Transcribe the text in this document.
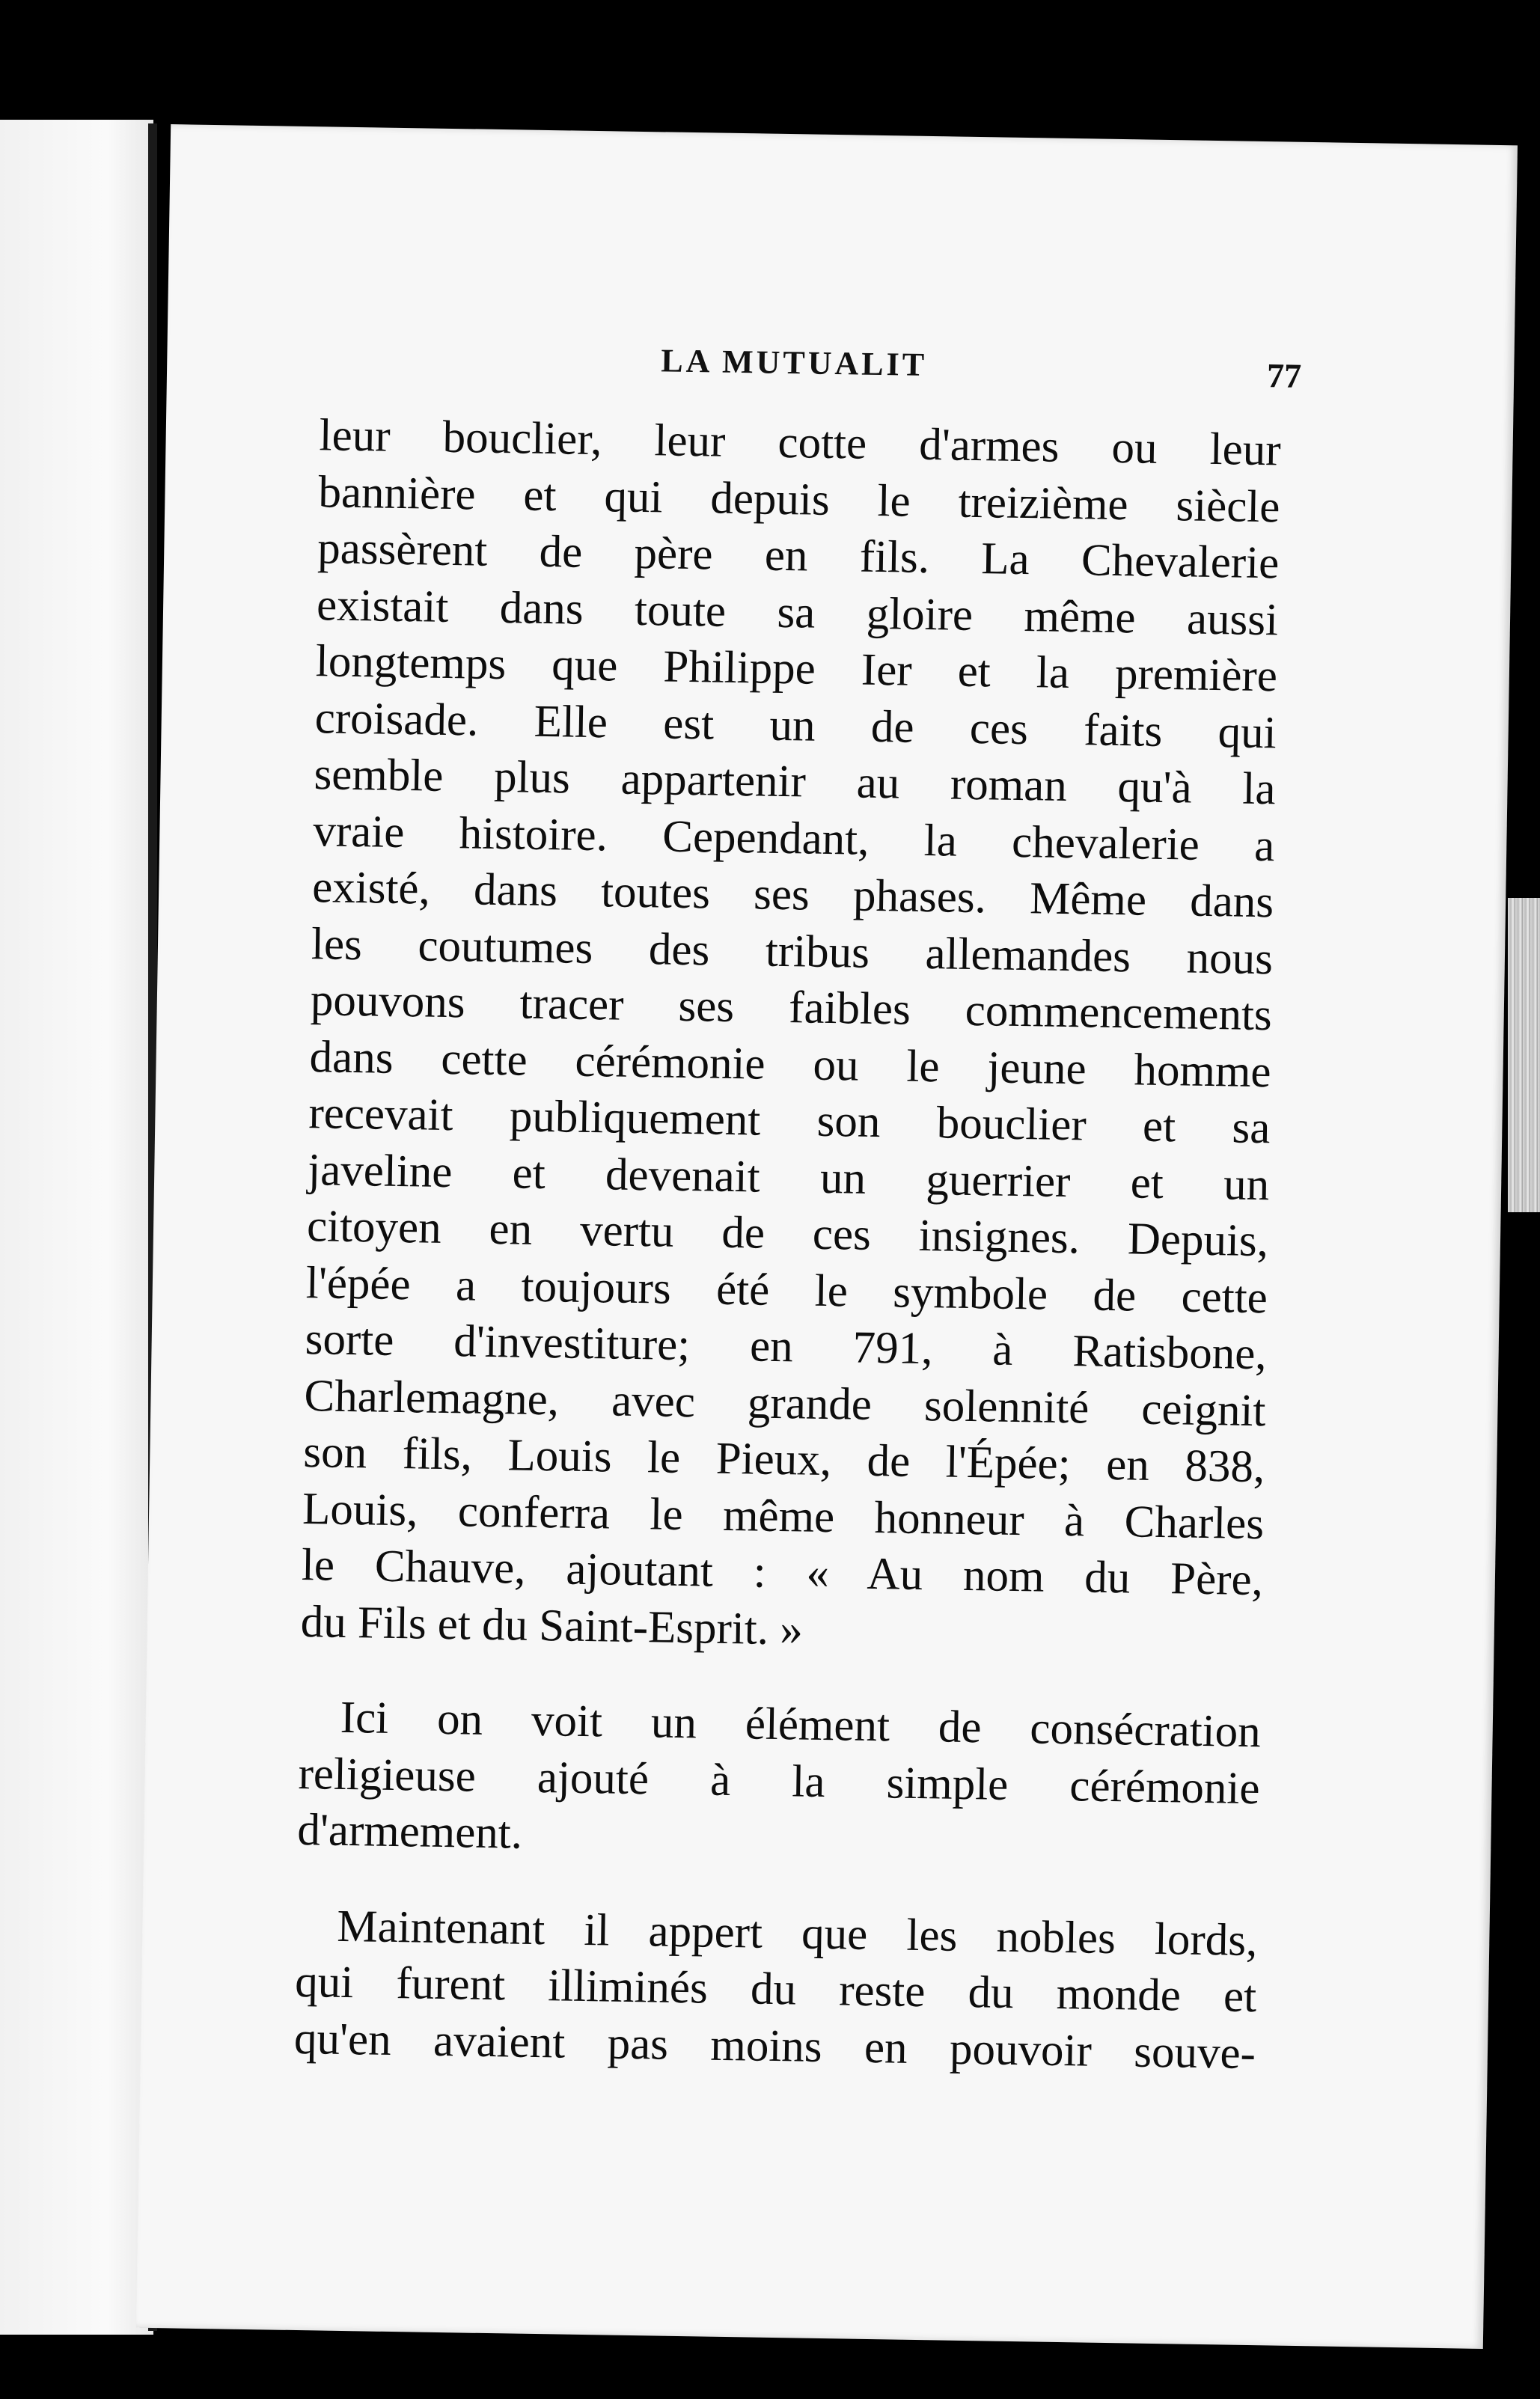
LA MUTUALIT	77
leur bouclier, leur cotte d'armes ou leur
bannière et qui depuis le treizième siècle
passèrent de père en fils. La Chevalerie
existait dans toute sa gloire même aussi
longtemps que Philippe Ier et la première
croisade. Elle est un de ces faits qui
semble plus appartenir au roman qu'à la
vraie histoire. Cependant, la chevalerie a
existé, dans toutes ses phases. Même dans
les coutumes des tribus allemandes nous
pouvons tracer ses faibles commencements
dans cette cérémonie ou le jeune homme
recevait publiquement son bouclier et sa
javeline et devenait un guerrier et un
citoyen en vertu de ces insignes. Depuis,
l'épée a toujours été le symbole de cette
sorte d'investiture; en 791, à Ratisbone,
Charlemagne, avec grande solennité ceignit
son fils, Louis le Pieux, de l'Épée; en 838,
Louis, conferra le même honneur à Charles
le Chauve, ajoutant : « Au nom du Père,
du Fils et du Saint-Esprit. »
Ici on voit un élément de consécration
religieuse ajouté à la simple cérémonie
d'armement.
Maintenant il appert que les nobles lords,
qui furent illiminés du reste du monde et
qu'en avaient pas moins en pouvoir souve-
